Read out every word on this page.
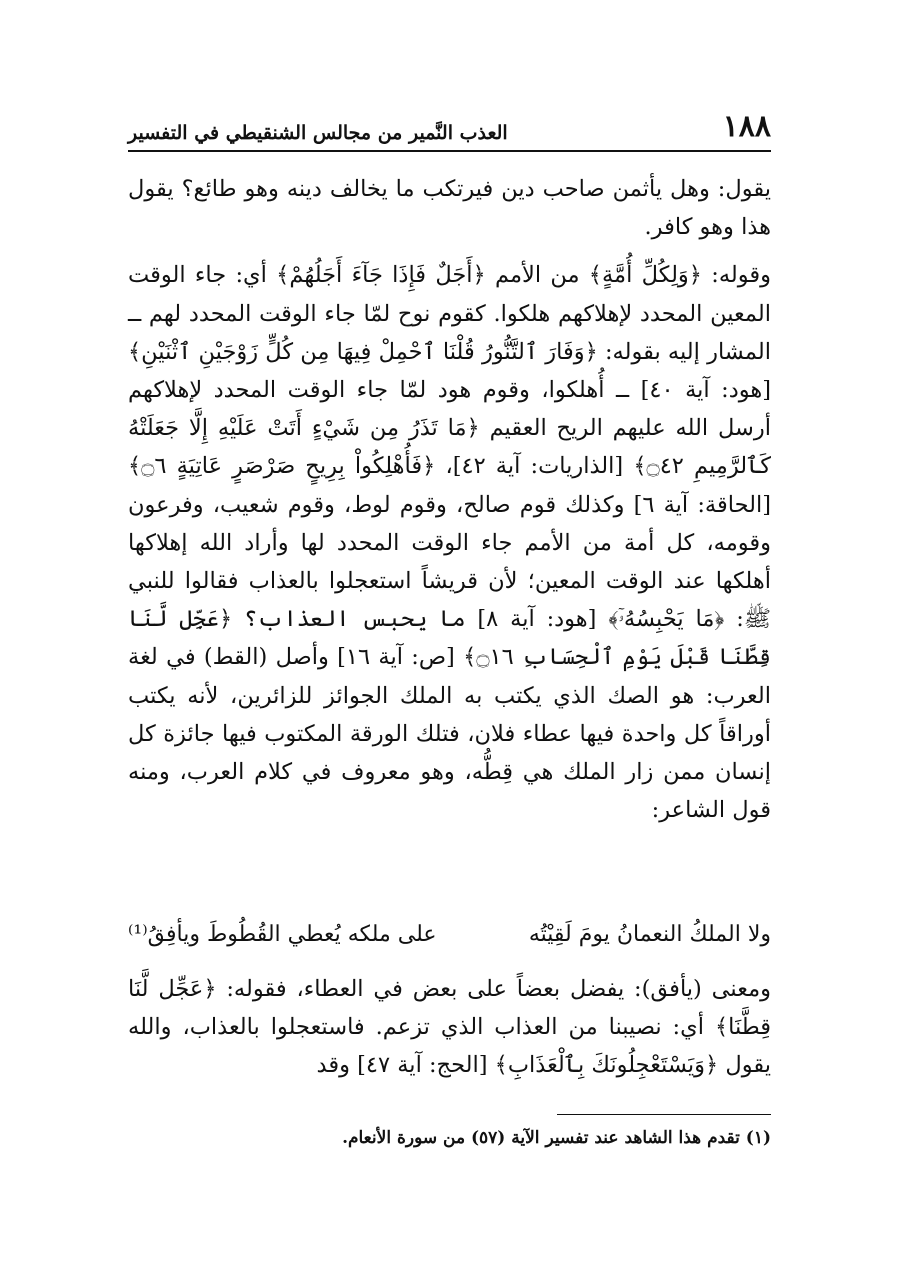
١٨٨
العذب النَّمير من مجالس الشنقيطي في التفسير

يقول: وهل يأثمن صاحب دين فيرتكب ما يخالف دينه وهو طائع؟ يقول هذا وهو كافر.

وقوله: ﴿وَلِكُلِّ أُمَّةٍ﴾ من الأمم ﴿أَجَلٌ فَإِذَا جَآءَ أَجَلُهُمْ﴾ أي: جاء الوقت المعين المحدد لإهلاكهم هلكوا. كقوم نوح لمّا جاء الوقت المحدد لهم ــ المشار إليه بقوله: ﴿وَفَارَ ٱلتَّنُّورُ قُلْنَا ٱحْمِلْ فِيهَا مِن كُلٍّ زَوْجَيْنِ ٱثْنَيْنِ﴾ [هود: آية ٤٠] ــ أُهلكوا، وقوم هود لمّا جاء الوقت المحدد لإهلاكهم أرسل الله عليهم الريح العقيم ﴿مَا تَذَرُ مِن شَيْءٍ أَتَتْ عَلَيْهِ إِلَّا جَعَلَتْهُ كَٱلرَّمِيمِ ۝٤٢﴾ [الذاريات: آية ٤٢]، ﴿فَأُهْلِكُواْ بِرِيحٍ صَرْصَرٍ عَاتِيَةٍ ۝٦﴾ [الحاقة: آية ٦] وكذلك قوم صالح، وقوم لوط، وقوم شعيب، وفرعون وقومه، كل أمة من الأمم جاء الوقت المحدد لها وأراد الله إهلاكها أهلكها عند الوقت المعين؛ لأن قريشاً استعجلوا بالعذاب فقالوا للنبي ﷺ: ﴿مَا يَحْبِسُهُۥٓ﴾ [هود: آية ٨] ما يحبس العذاب؟ ﴿عَجِّل لَّنَا قِطَّنَا قَبْلَ يَوْمِ ٱلْحِسَابِ ۝١٦﴾ [ص: آية ١٦] وأصل (القط) في لغة العرب: هو الصك الذي يكتب به الملك الجوائز للزائرين، لأنه يكتب أوراقاً كل واحدة فيها عطاء فلان، فتلك الورقة المكتوب فيها جائزة كل إنسان ممن زار الملك هي قِطُّه، وهو معروف في كلام العرب، ومنه قول الشاعر:

ولا الملكُ النعمانُ يومَ لَقِيْتُه
على ملكه يُعطي القُطُوطَ ويأفِقُ⁽¹⁾

ومعنى (يأفق): يفضل بعضاً على بعض في العطاء، فقوله: ﴿عَجِّل لَّنَا قِطَّنَا﴾ أي: نصيبنا من العذاب الذي تزعم. فاستعجلوا بالعذاب، والله يقول ﴿وَيَسْتَعْجِلُونَكَ بِٱلْعَذَابِ﴾ [الحج: آية ٤٧] وقد

(١) تقدم هذا الشاهد عند تفسير الآية (٥٧) من سورة الأنعام.
